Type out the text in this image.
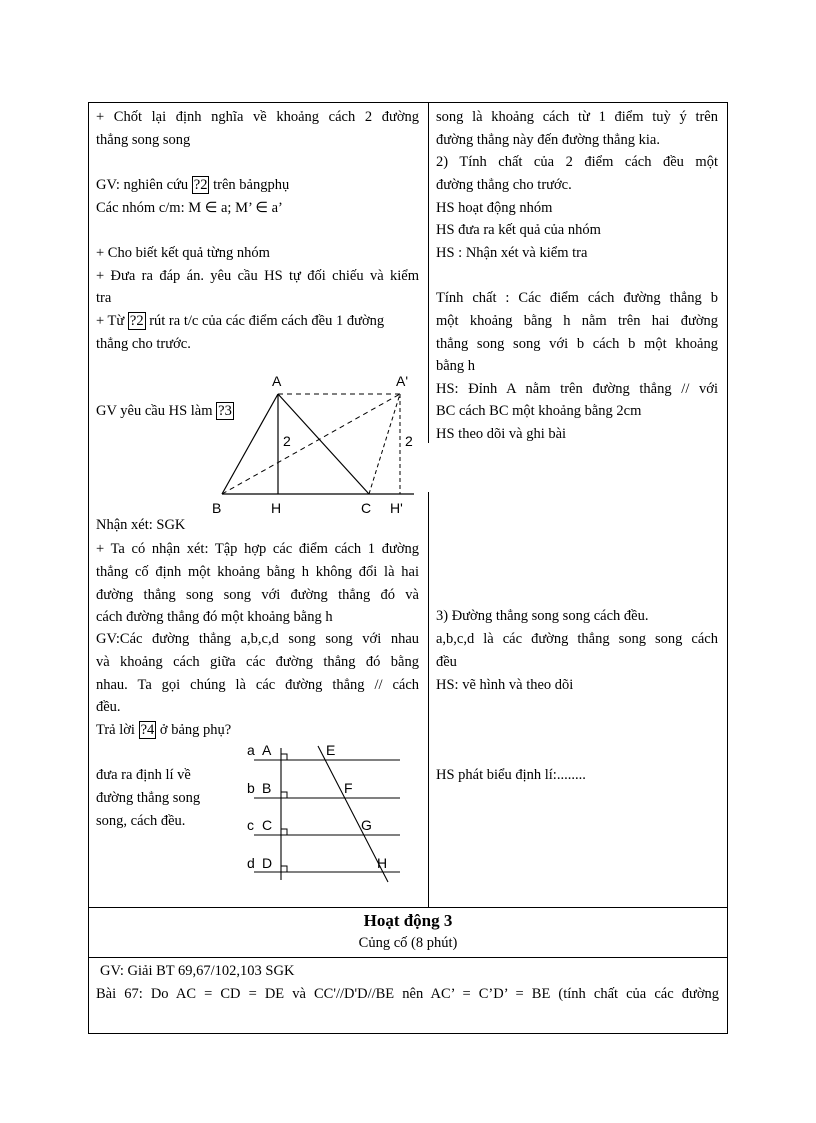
+ Chốt lại định nghĩa về khoảng cách 2 đường
thẳng song song
GV: nghiên cứu ?2 trên bảngphụ
Các nhóm c/m: M ∈ a; M’ ∈ a’
+ Cho biết kết quả từng nhóm
+ Đưa ra đáp án. yêu cầu HS tự đối chiếu và kiểm
tra
+ Từ ?2 rút ra t/c của các điểm cách đều 1 đường
thẳng cho trước.
GV yêu cầu HS làm ?3
A	A'
B	H	C H'
2	2
Nhận xét: SGK
+ Ta có nhận xét: Tập hợp các điểm cách 1 đường
thẳng cố định một khoảng bằng h không đổi là hai
đường thẳng song song với đường thẳng đó và
cách đường thẳng đó một khoảng bằng h
GV:Các đường thẳng a,b,c,d song song với nhau
và khoảng cách giữa các đường thẳng đó bằng
nhau. Ta gọi chúng là các đường thẳng // cách
đều.
Trả lời ?4 ở bảng phụ?
đưa ra định lí về
đường thẳng song
song, cách đều.
a
b
c
d
A
B
C
D
E
F
G
H
song là khoảng cách từ 1 điểm tuỳ ý trên
đường thẳng này đến đường thẳng kia.
2) Tính chất của 2 điểm cách đều một
đường thẳng cho trước.
HS hoạt động nhóm
HS đưa ra kết quả của nhóm
HS : Nhận xét và kiểm tra
Tính chất : Các điểm cách đường thẳng b
một khoảng bằng h nằm trên hai đường
thẳng song song với b cách b một khoảng
bằng h
HS: Đỉnh A nằm trên đường thẳng // với
BC cách BC một khoảng bằng 2cm
HS theo dõi và ghi bài
3) Đường thẳng song song cách đều.
a,b,c,d là các đường thẳng song song cách
đều
HS: vẽ hình và theo dõi
HS phát biểu định lí:........
Hoạt động 3
Củng cố (8 phút)
GV: Giải BT 69,67/102,103 SGK
Bài 67: Do AC = CD = DE và CC'//D'D//BE nên AC’ = C’D’ = BE (tính chất của các đường
